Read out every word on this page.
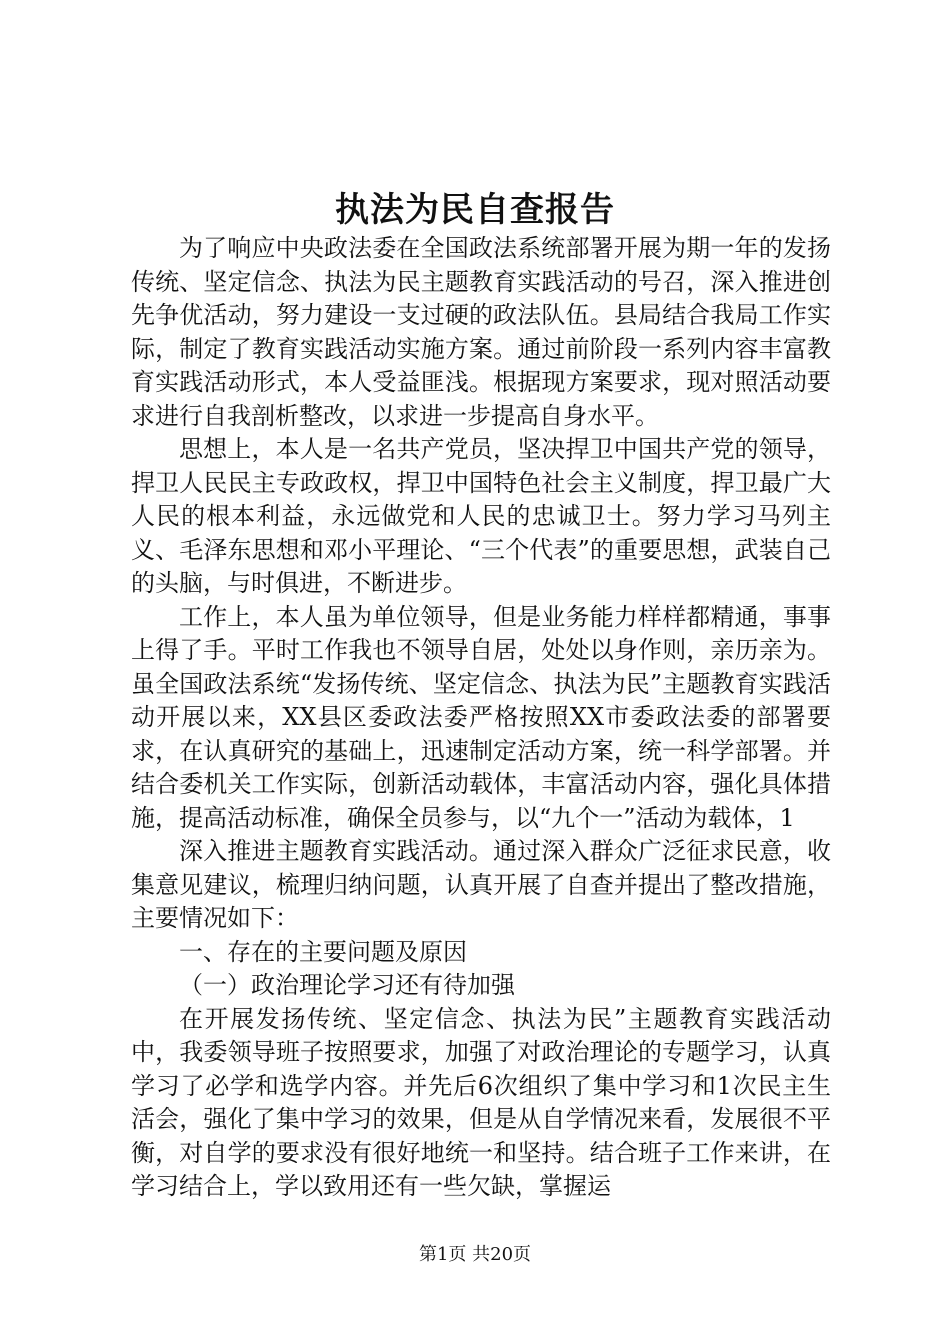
执法为民自查报告

为了响应中央政法委在全国政法系统部署开展为期一年的发扬传统、坚定信念、执法为民主题教育实践活动的号召，深入推进创先争优活动，努力建设一支过硬的政法队伍。县局结合我局工作实际，制定了教育实践活动实施方案。通过前阶段一系列内容丰富教育实践活动形式，本人受益匪浅。根据现方案要求，现对照活动要求进行自我剖析整改，以求进一步提高自身水平。

思想上，本人是一名共产党员，坚决捍卫中国共产党的领导，捍卫人民民主专政政权，捍卫中国特色社会主义制度，捍卫最广大人民的根本利益，永远做党和人民的忠诚卫士。努力学习马列主义、毛泽东思想和邓小平理论、“三个代表”的重要思想，武装自己的头脑，与时俱进，不断进步。

工作上，本人虽为单位领导，但是业务能力样样都精通，事事上得了手。平时工作我也不领导自居，处处以身作则，亲历亲为。虽全国政法系统“发扬传统、坚定信念、执法为民”主题教育实践活动开展以来，XX县区委政法委严格按照XX市委政法委的部署要求，在认真研究的基础上，迅速制定活动方案，统一科学部署。并结合委机关工作实际，创新活动载体，丰富活动内容，强化具体措施，提高活动标准，确保全员参与，以“九个一”活动为载体，1

深入推进主题教育实践活动。通过深入群众广泛征求民意，收集意见建议，梳理归纳问题，认真开展了自查并提出了整改措施，主要情况如下：

一、存在的主要问题及原因

（一）政治理论学习还有待加强

在开展发扬传统、坚定信念、执法为民”主题教育实践活动中，我委领导班子按照要求，加强了对政治理论的专题学习，认真学习了必学和选学内容。并先后6次组织了集中学习和1次民主生活会，强化了集中学习的效果，但是从自学情况来看，发展很不平衡，对自学的要求没有很好地统一和坚持。结合班子工作来讲，在学习结合上，学以致用还有一些欠缺，掌握运

第1页 共20页
